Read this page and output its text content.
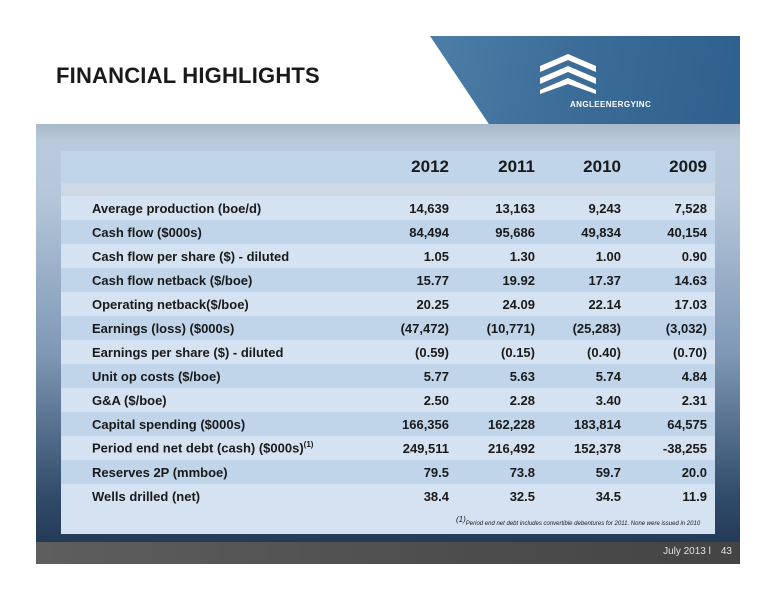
FINANCIAL HIGHLIGHTS
ANGLEENERGYINC
	2012	2011	2010	2009

Average production (boe/d)	14,639	13,163	9,243	7,528
Cash flow ($000s)	84,494	95,686	49,834	40,154
Cash flow per share ($) - diluted	1.05	1.30	1.00	0.90
Cash flow netback ($/boe)	15.77	19.92	17.37	14.63
Operating netback($/boe)	20.25	24.09	22.14	17.03
Earnings (loss) ($000s)	(47,472)	(10,771)	(25,283)	(3,032)
Earnings per share ($) - diluted	(0.59)	(0.15)	(0.40)	(0.70)
Unit op costs ($/boe)	5.77	5.63	5.74	4.84
G&A ($/boe)	2.50	2.28	3.40	2.31
Capital spending ($000s)	166,356	162,228	183,814	64,575
Period end net debt (cash) ($000s)$^{(1)}$	249,511	216,492	152,378	-38,255
Reserves 2P (mmboe)	79.5	73.8	59.7	20.0
Wells drilled (net)	38.4	32.5	34.5	11.9
(1)Period end net debt includes convertible debentures for 2011. None were issued in 2010
July 2013 l 43
